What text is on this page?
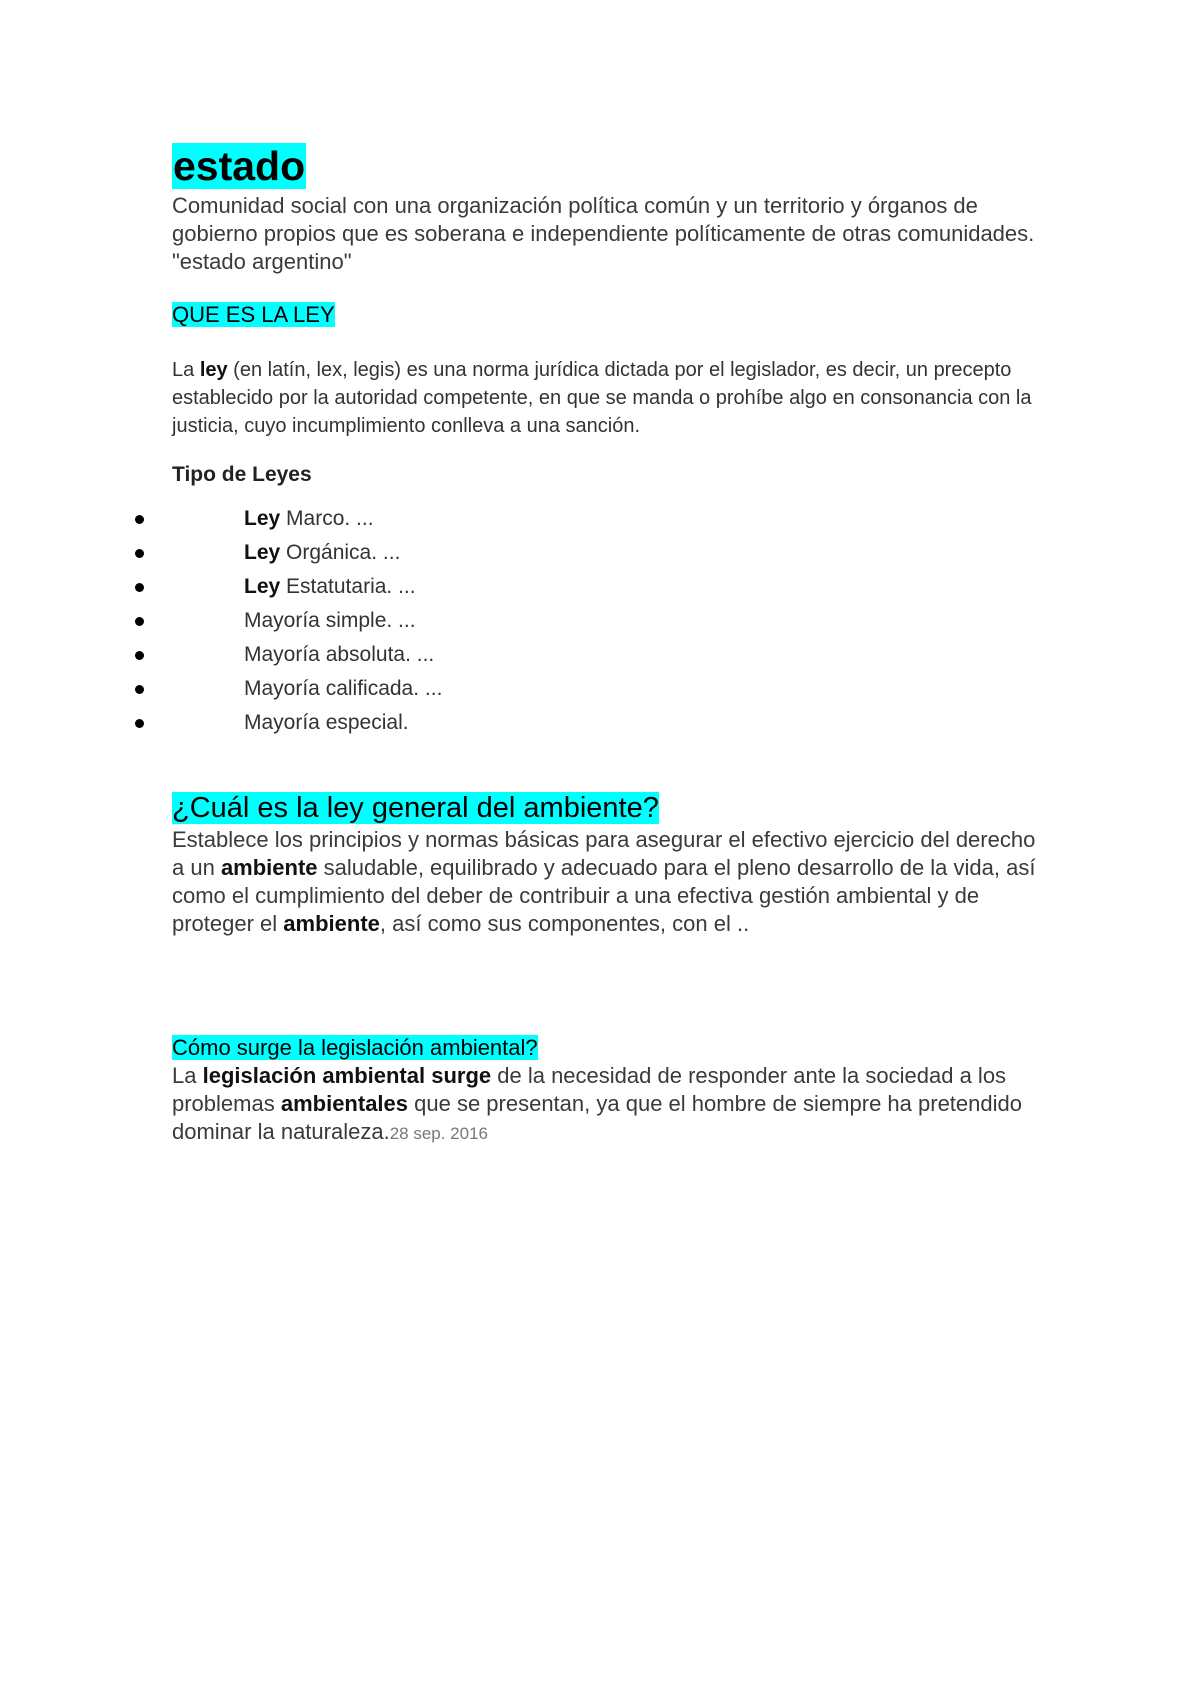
estado

Comunidad social con una organización política común y un territorio y órganos de gobierno propios que es soberana e independiente políticamente de otras comunidades.

"estado argentino"

QUE ES LA LEY

La ley (en latín, lex, legis) es una norma jurídica dictada por el legislador, es decir, un precepto establecido por la autoridad competente, en que se manda o prohíbe algo en consonancia con la justicia, cuyo incumplimiento conlleva a una sanción.

Tipo de Leyes

Ley Marco. ...
Ley Orgánica. ...
Ley Estatutaria. ...
Mayoría simple. ...
Mayoría absoluta. ...
Mayoría calificada. ...
Mayoría especial.

¿Cuál es la ley general del ambiente?

Establece los principios y normas básicas para asegurar el efectivo ejercicio del derecho a un ambiente saludable, equilibrado y adecuado para el pleno desarrollo de la vida, así como el cumplimiento del deber de contribuir a una efectiva gestión ambiental y de proteger el ambiente, así como sus componentes, con el ..

Cómo surge la legislación ambiental?

La legislación ambiental surge de la necesidad de responder ante la sociedad a los problemas ambientales que se presentan, ya que el hombre de siempre ha pretendido dominar la naturaleza.28 sep. 2016
